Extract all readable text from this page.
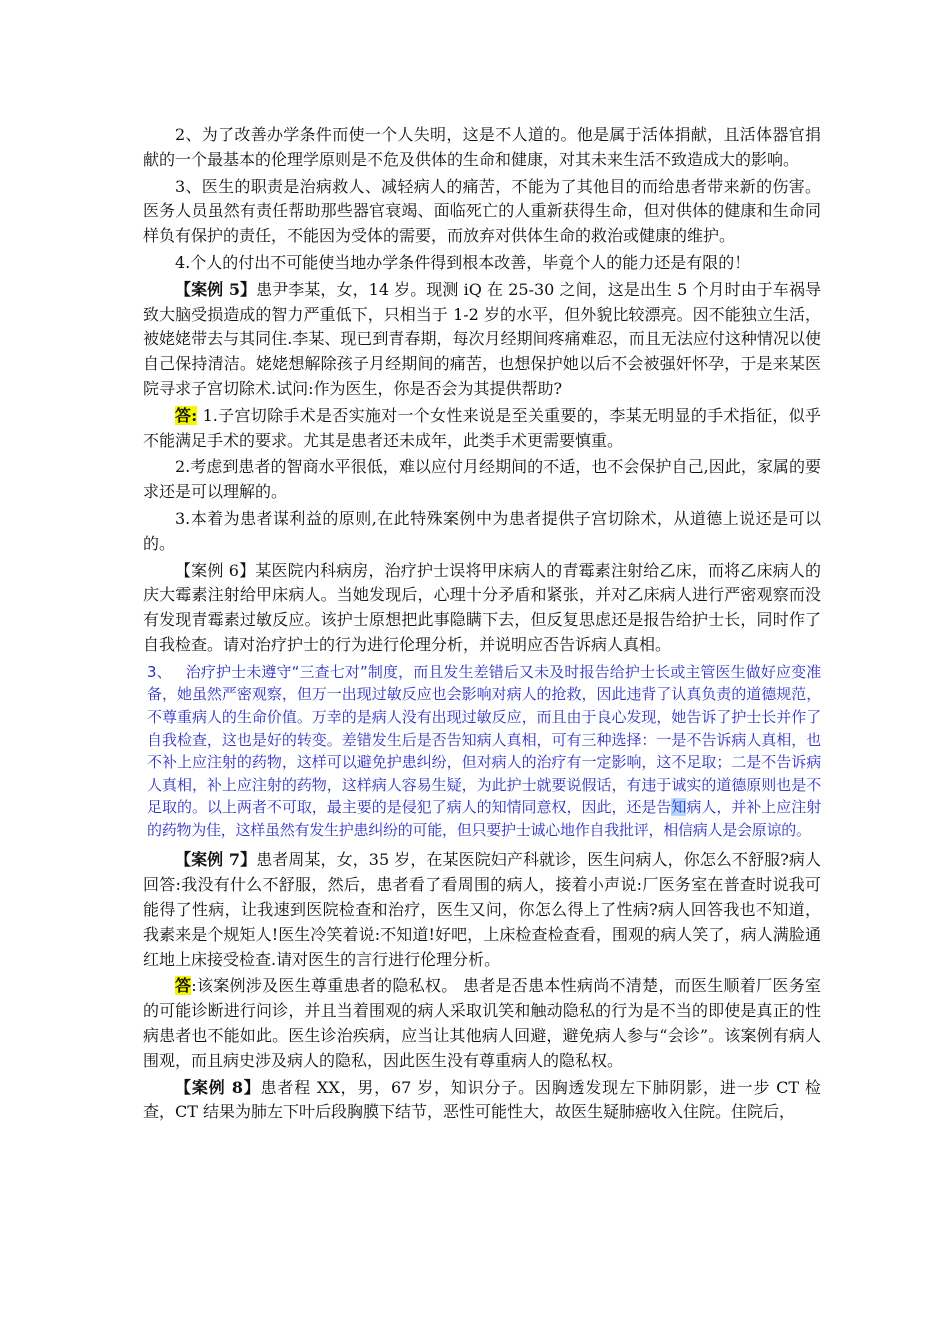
2、为了改善办学条件而使一个人失明，这是不人道的。他是属于活体捐献，且活体器官捐献的一个最基本的伦理学原则是不危及供体的生命和健康，对其未来生活不致造成大的影响。

3、医生的职责是治病救人、减轻病人的痛苦，不能为了其他目的而给患者带来新的伤害。医务人员虽然有责任帮助那些器官衰竭、面临死亡的人重新获得生命，但对供体的健康和生命同样负有保护的责任，不能因为受体的需要，而放弃对供体生命的救治或健康的维护。

4.个人的付出不可能使当地办学条件得到根本改善，毕竟个人的能力还是有限的！

【案例 5】患尹李某，女，14 岁。现测 iQ 在 25-30 之间，这是出生 5 个月时由于车祸导致大脑受损造成的智力严重低下，只相当于 1-2 岁的水平，但外貌比较漂亮。因不能独立生活，被姥姥带去与其同住.李某、现已到青春期，每次月经期间疼痛难忍，而且无法应付这种情况以使自己保持清洁。姥姥想解除孩子月经期间的痛苦，也想保护她以后不会被强奸怀孕，于是来某医院寻求子宫切除术.试问:作为医生，你是否会为其提供帮助?

答: 1.子宫切除手术是否实施对一个女性来说是至关重要的，李某无明显的手术指征，似乎不能满足手术的要求。尤其是患者还未成年，此类手术更需要慎重。

2.考虑到患者的智商水平很低，难以应付月经期间的不适，也不会保护自己,因此，家属的要求还是可以理解的。

3.本着为患者谋利益的原则,在此特殊案例中为患者提供子宫切除术，从道德上说还是可以的。

【案例 6】某医院内科病房，治疗护士误将甲床病人的青霉素注射给乙床，而将乙床病人的庆大霉素注射给甲床病人。当她发现后，心理十分矛盾和紧张，并对乙床病人进行严密观察而没有发现青霉素过敏反应。该护士原想把此事隐瞒下去，但反复思虑还是报告给护士长，同时作了自我检查。请对治疗护士的行为进行伦理分析，并说明应否告诉病人真相。

3、 治疗护士未遵守“三查七对”制度，而且发生差错后又未及时报告给护士长或主管医生做好应变准备，她虽然严密观察，但万一出现过敏反应也会影响对病人的抢救，因此违背了认真负责的道德规范，不尊重病人的生命价值。万幸的是病人没有出现过敏反应，而且由于良心发现，她告诉了护士长并作了自我检查，这也是好的转变。差错发生后是否告知病人真相，可有三种选择：一是不告诉病人真相，也不补上应注射的药物，这样可以避免护患纠纷，但对病人的治疗有一定影响，这不足取；二是不告诉病人真相，补上应注射的药物，这样病人容易生疑，为此护士就要说假话，有违于诚实的道德原则也是不足取的。以上两者不可取，最主要的是侵犯了病人的知情同意权，因此，还是告知病人，并补上应注射的药物为佳，这样虽然有发生护患纠纷的可能，但只要护士诚心地作自我批评，相信病人是会原谅的。

【案例 7】患者周某，女，35 岁，在某医院妇产科就诊，医生问病人，你怎么不舒服?病人回答:我没有什么不舒服，然后，患者看了看周围的病人，接着小声说:厂医务室在普查时说我可能得了性病，让我速到医院检查和治疗，医生又问，你怎么得上了性病?病人回答我也不知道，我素来是个规矩人!医生冷笑着说:不知道!好吧，上床检查检查看，围观的病人笑了，病人满脸通红地上床接受检查.请对医生的言行进行伦理分析。

答:该案例涉及医生尊重患者的隐私权。 患者是否患本性病尚不清楚，而医生顺着厂医务室的可能诊断进行问诊，并且当着围观的病人采取讥笑和触动隐私的行为是不当的即使是真正的性病患者也不能如此。医生诊治疾病，应当让其他病人回避，避免病人参与“会诊”。该案例有病人围观，而且病史涉及病人的隐私，因此医生没有尊重病人的隐私权。

【案例 8】患者程 XX，男，67 岁，知识分子。因胸透发现左下肺阴影，进一步 CT 检查，CT 结果为肺左下叶后段胸膜下结节，恶性可能性大，故医生疑肺癌收入住院。住院后，
